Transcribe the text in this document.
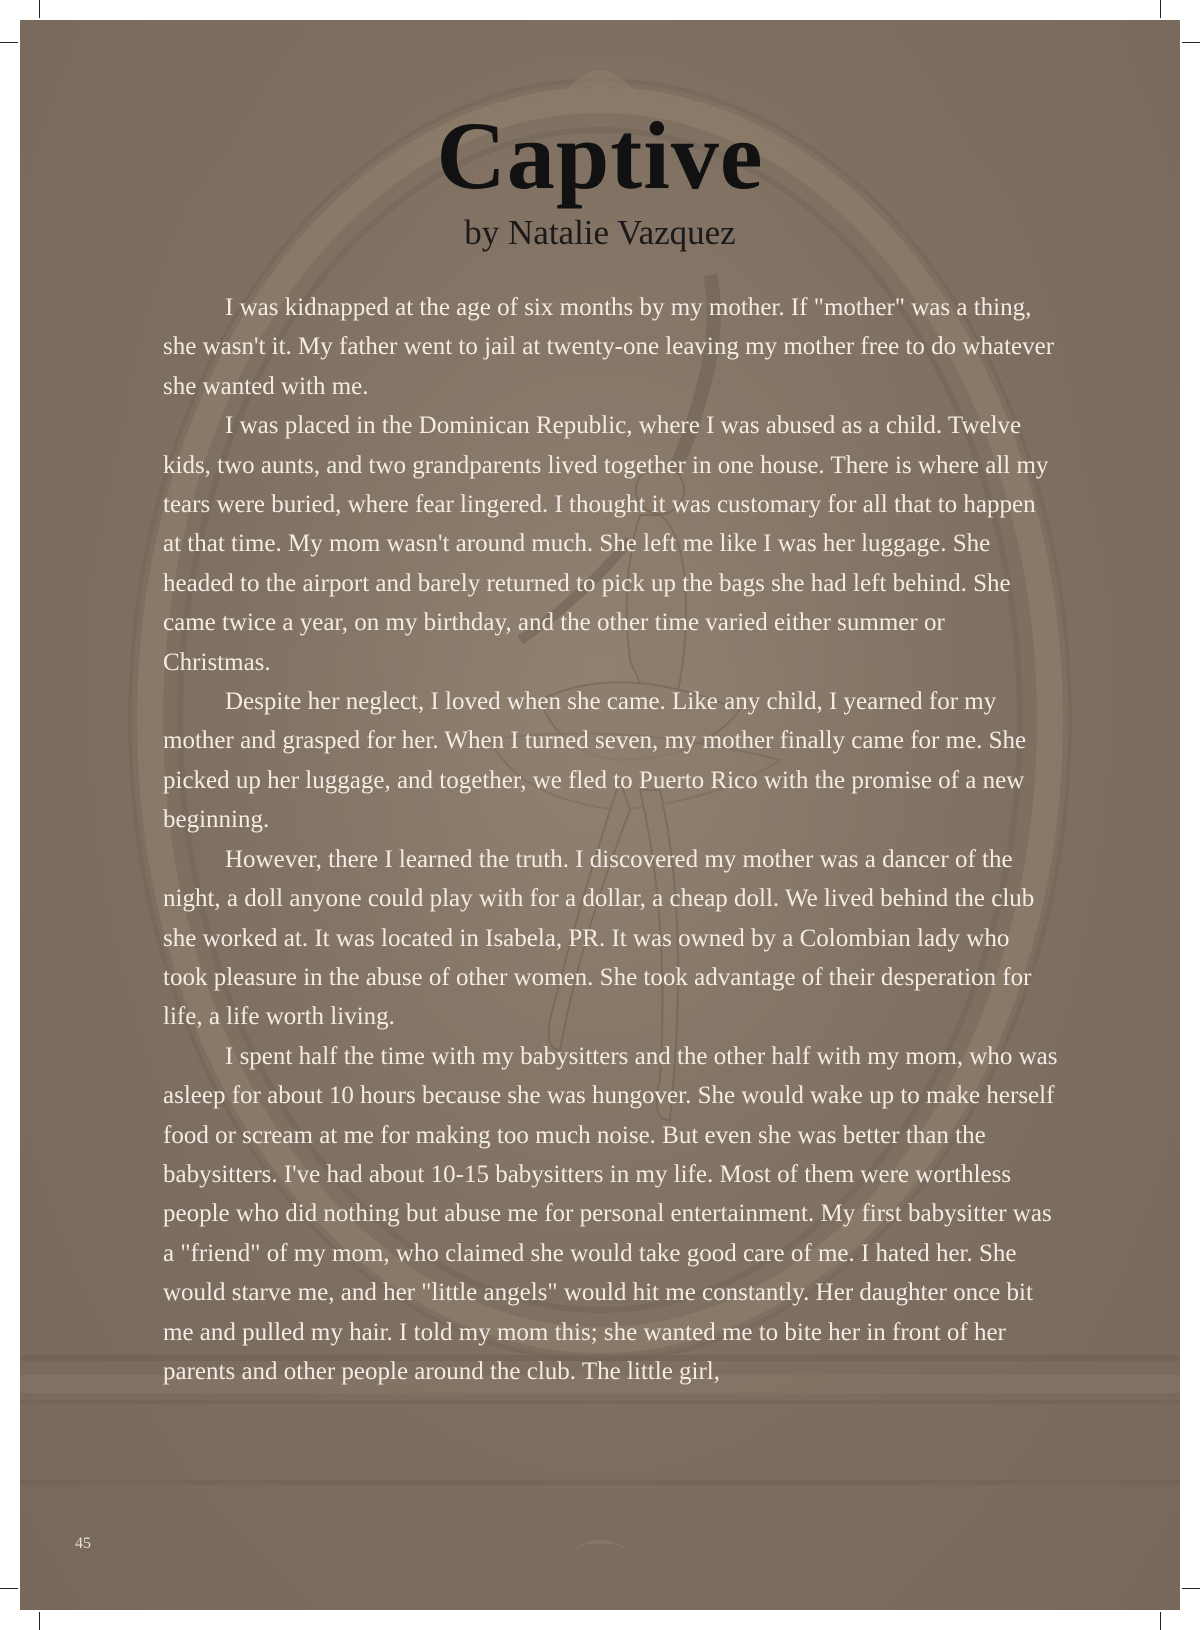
Captive
by Natalie Vazquez

I was kidnapped at the age of six months by my mother. If "mother" was a thing, she wasn't it. My father went to jail at twenty-one leaving my mother free to do whatever she wanted with me.

I was placed in the Dominican Republic, where I was abused as a child. Twelve kids, two aunts, and two grandparents lived together in one house. There is where all my tears were buried, where fear lingered. I thought it was customary for all that to happen at that time. My mom wasn't around much. She left me like I was her luggage. She headed to the airport and barely returned to pick up the bags she had left behind. She came twice a year, on my birthday, and the other time varied either summer or Christmas.

Despite her neglect, I loved when she came. Like any child, I yearned for my mother and grasped for her. When I turned seven, my mother finally came for me. She picked up her luggage, and together, we fled to Puerto Rico with the promise of a new beginning.

However, there I learned the truth. I discovered my mother was a dancer of the night, a doll anyone could play with for a dollar, a cheap doll. We lived behind the club she worked at. It was located in Isabela, PR. It was owned by a Colombian lady who took pleasure in the abuse of other women. She took advantage of their desperation for life, a life worth living.

I spent half the time with my babysitters and the other half with my mom, who was asleep for about 10 hours because she was hungover. She would wake up to make herself food or scream at me for making too much noise. But even she was better than the babysitters. I've had about 10-15 babysitters in my life. Most of them were worthless people who did nothing but abuse me for personal entertainment. My first babysitter was a "friend" of my mom, who claimed she would take good care of me. I hated her. She would starve me, and her "little angels" would hit me constantly. Her daughter once bit me and pulled my hair. I told my mom this; she wanted me to bite her in front of her parents and other people around the club. The little girl,

45
